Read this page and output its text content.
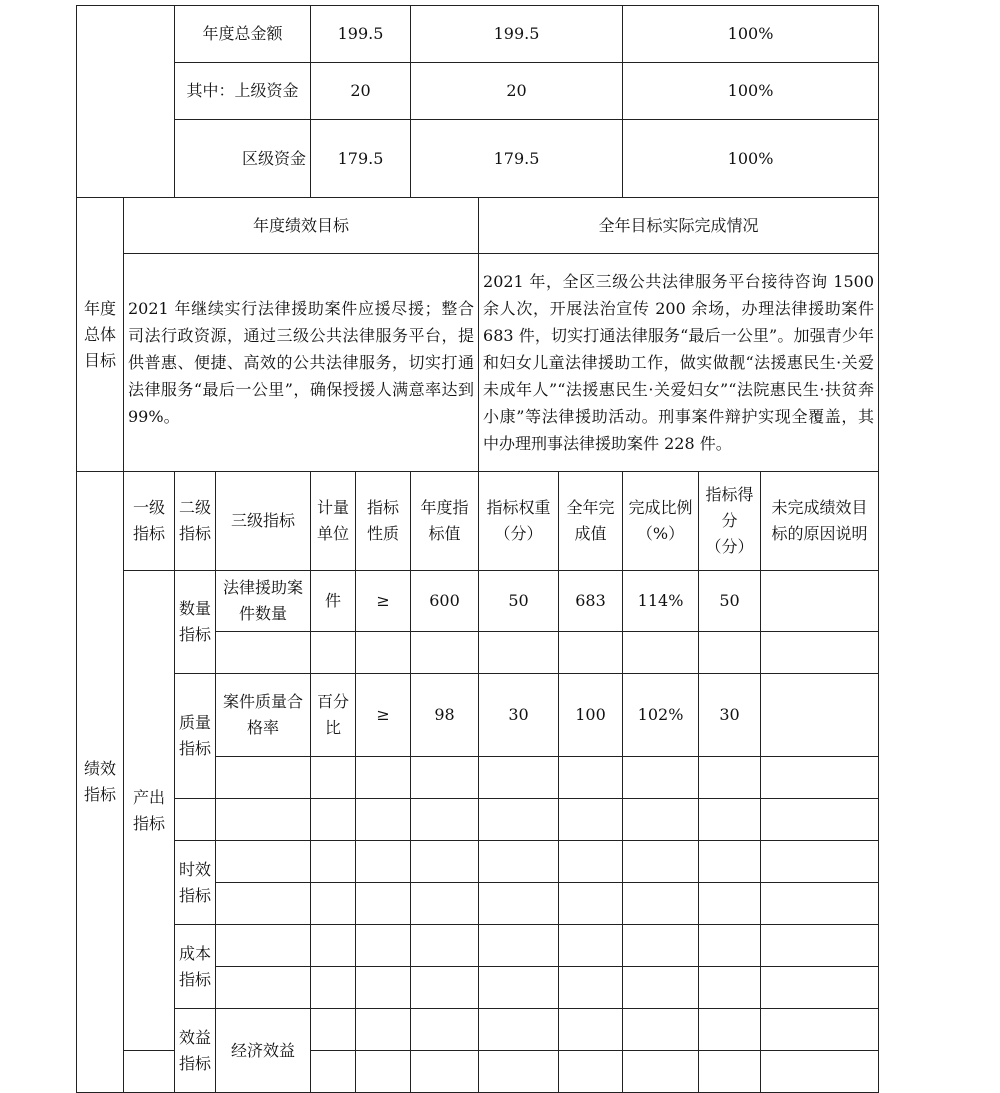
		年度总金额		199.5		199.5			100%			
		其中：上级资金		20		20			100%			
		区级资金		179.5		179.5			100%			
年度总体目标	年度绩效目标						全年目标实际完成情况					
	2021 年继续实行法律援助案件应援尽援；整合司法行政资源，通过三级公共法律服务平台，提供普惠、便捷、高效的公共法律服务，切实打通法律服务“最后一公里”，确保授援人满意率达到 99%。						2021 年，全区三级公共法律服务平台接待咨询 1500 余人次，开展法治宣传 200 余场，办理法律援助案件 683 件，切实打通法律服务“最后一公里”。加强青少年和妇女儿童法律援助工作，做实做靓“法援惠民生·关爱未成年人”“法援惠民生·关爱妇女”“法院惠民生·扶贫奔小康”等法律援助活动。刑事案件辩护实现全覆盖，其中办理刑事法律援助案件 228 件。					
绩效指标	一级指标	二级指标	三级指标	计量单位	指标性质	年度指标值	指标权重（分）	全年完成值	完成比例（%）	指标得分（分）	未完成绩效目标的原因说明	
	产出指标	数量指标	法律援助案件数量	件	≥	600	50	683	114%	50		

		质量指标	案件质量合格率	百分比	≥	98	30	100	102%	30		

		时效指标										

		成本指标										

		效益指标	经济效益									
